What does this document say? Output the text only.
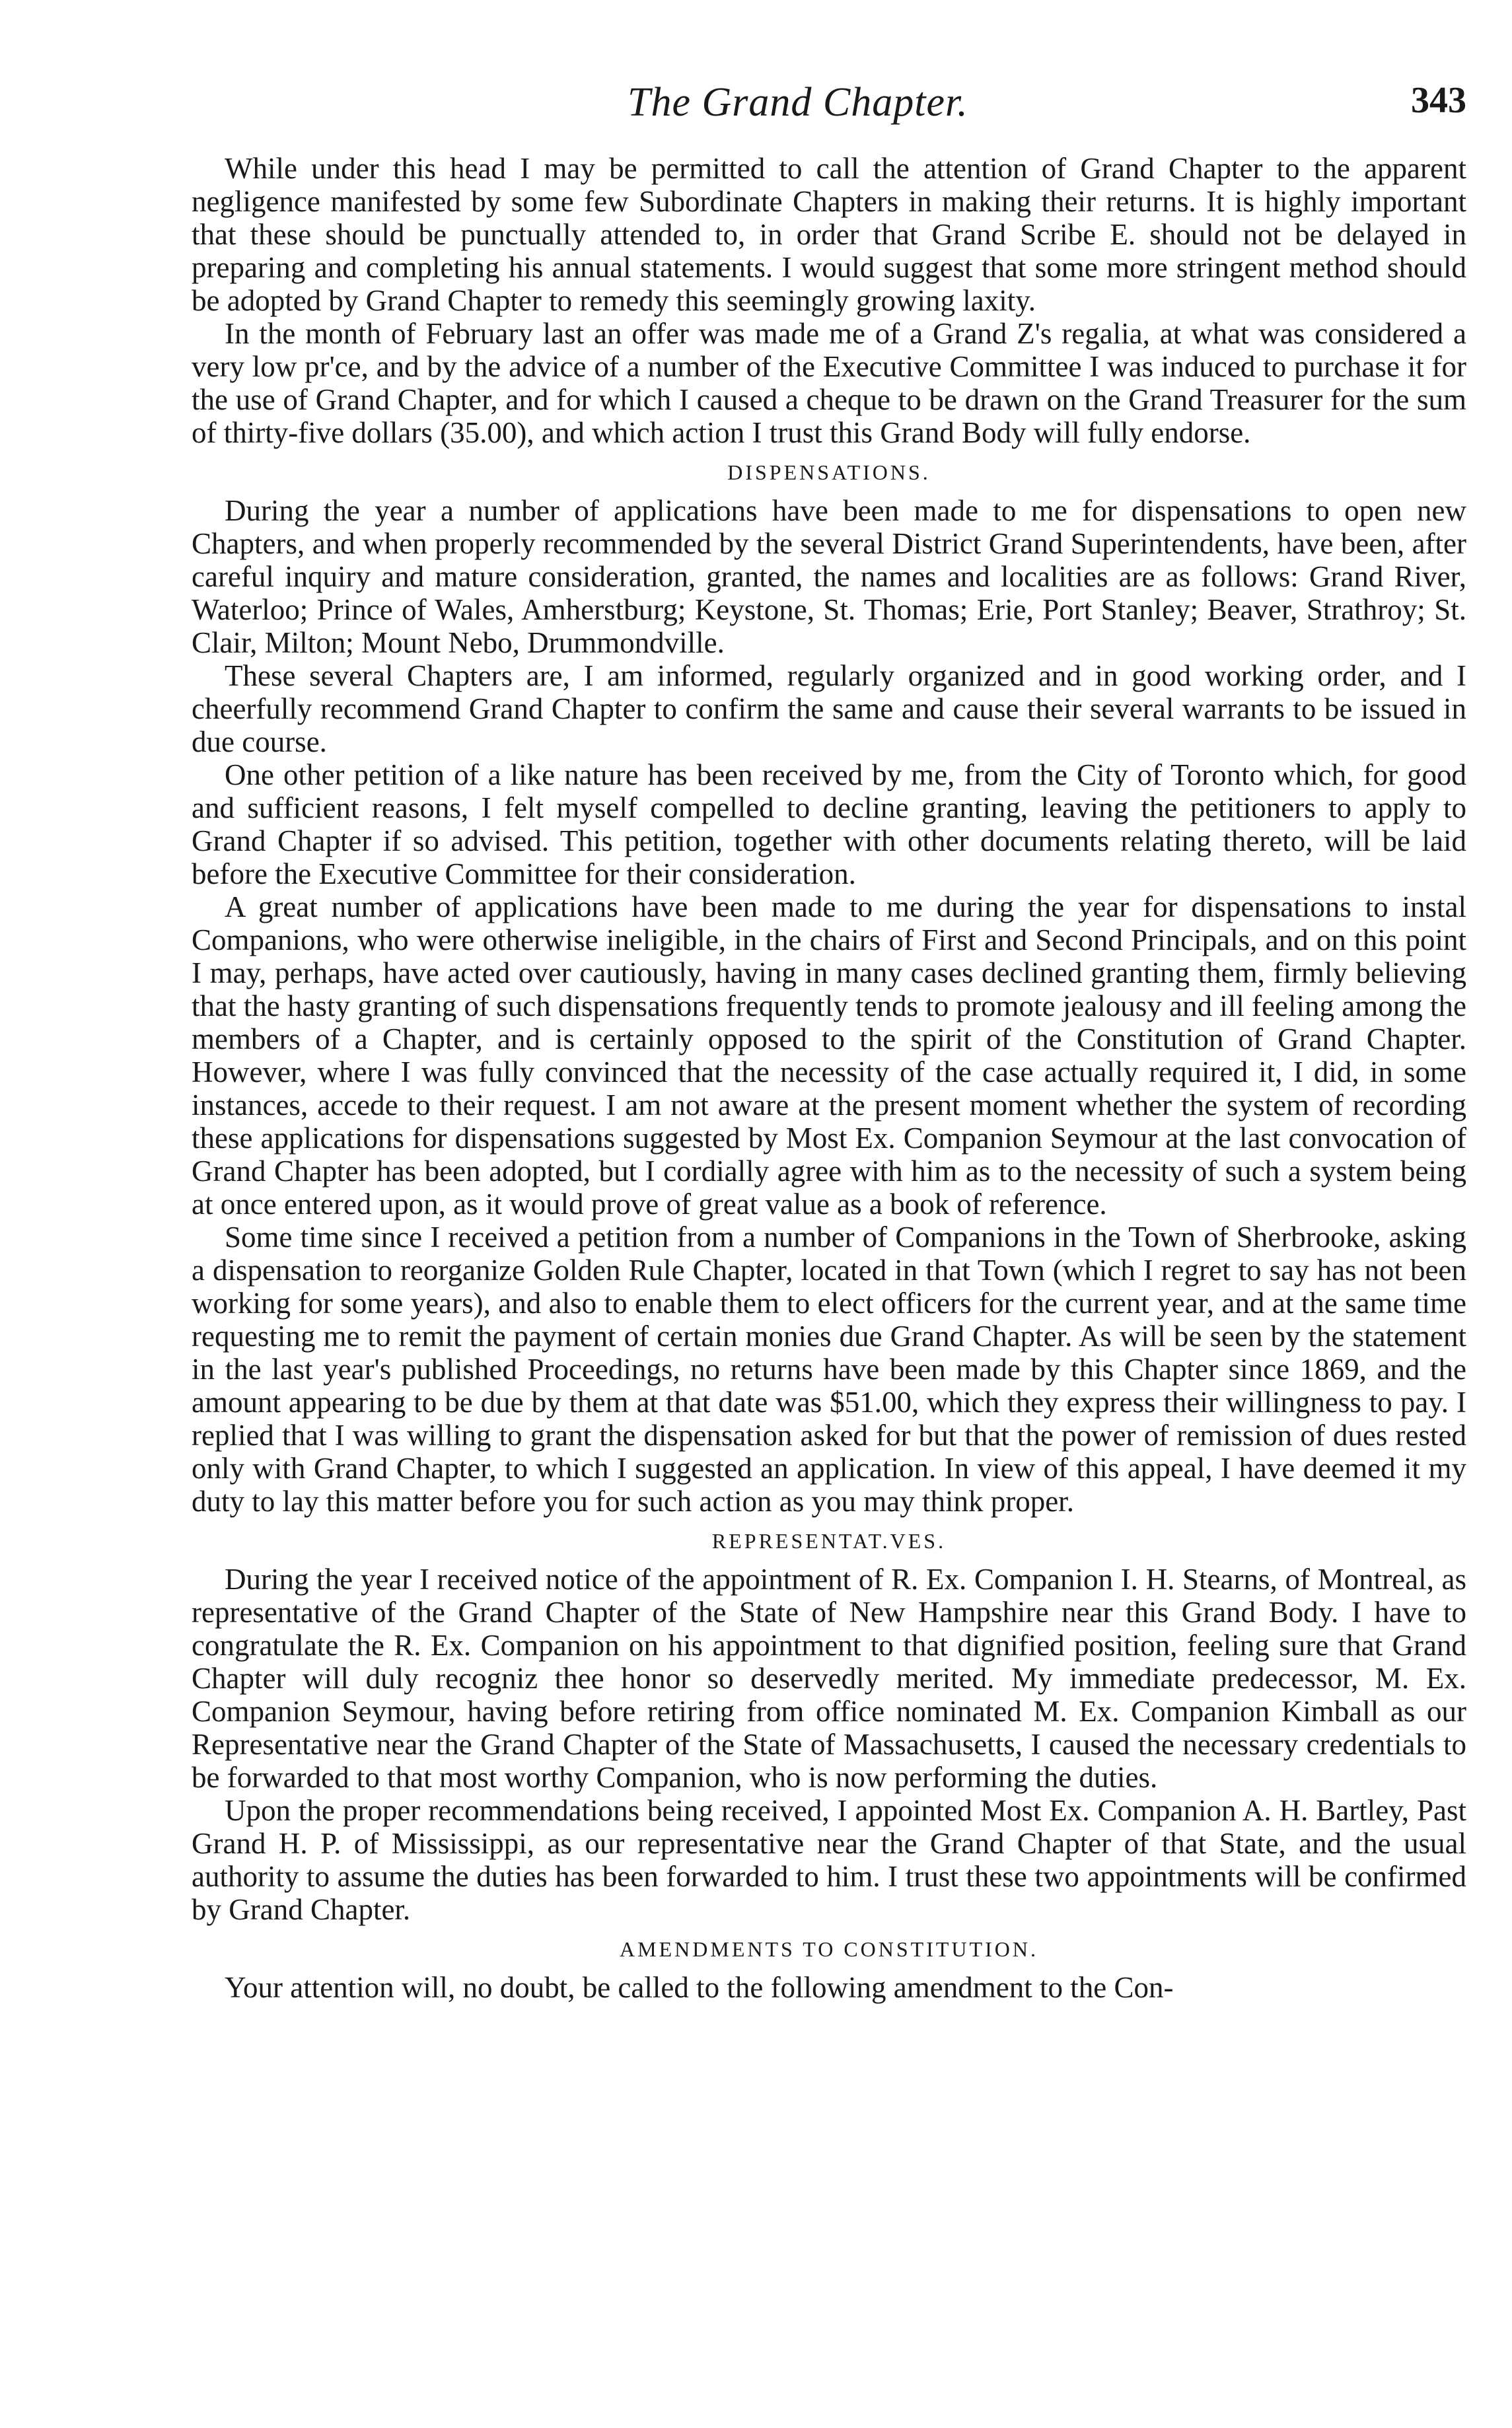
The Grand Chapter.	343

While under this head I may be permitted to call the attention of Grand Chapter to the apparent negligence manifested by some few Subordinate Chapters in making their returns. It is highly important that these should be punctually attended to, in order that Grand Scribe E. should not be delayed in preparing and completing his annual statements. I would suggest that some more stringent method should be adopted by Grand Chapter to remedy this seemingly growing laxity.

In the month of February last an offer was made me of a Grand Z's regalia, at what was considered a very low pr'ce, and by the advice of a number of the Executive Committee I was induced to purchase it for the use of Grand Chapter, and for which I caused a cheque to be drawn on the Grand Treasurer for the sum of thirty-five dollars (35.00), and which action I trust this Grand Body will fully endorse.

DISPENSATIONS.

During the year a number of applications have been made to me for dispensations to open new Chapters, and when properly recommended by the several District Grand Superintendents, have been, after careful inquiry and mature consideration, granted, the names and localities are as follows: Grand River, Waterloo; Prince of Wales, Amherstburg; Keystone, St. Thomas; Erie, Port Stanley; Beaver, Strathroy; St. Clair, Milton; Mount Nebo, Drummondville.

These several Chapters are, I am informed, regularly organized and in good working order, and I cheerfully recommend Grand Chapter to confirm the same and cause their several warrants to be issued in due course.

One other petition of a like nature has been received by me, from the City of Toronto which, for good and sufficient reasons, I felt myself compelled to decline granting, leaving the petitioners to apply to Grand Chapter if so advised. This petition, together with other documents relating thereto, will be laid before the Executive Committee for their consideration.

A great number of applications have been made to me during the year for dispensations to instal Companions, who were otherwise ineligible, in the chairs of First and Second Principals, and on this point I may, perhaps, have acted over cautiously, having in many cases declined granting them, firmly believing that the hasty granting of such dispensations frequently tends to promote jealousy and ill feeling among the members of a Chapter, and is certainly opposed to the spirit of the Constitution of Grand Chapter. However, where I was fully convinced that the necessity of the case actually required it, I did, in some instances, accede to their request. I am not aware at the present moment whether the system of recording these applications for dispensations suggested by Most Ex. Companion Seymour at the last convocation of Grand Chapter has been adopted, but I cordially agree with him as to the necessity of such a system being at once entered upon, as it would prove of great value as a book of reference.

Some time since I received a petition from a number of Companions in the Town of Sherbrooke, asking a dispensation to reorganize Golden Rule Chapter, located in that Town (which I regret to say has not been working for some years), and also to enable them to elect officers for the current year, and at the same time requesting me to remit the payment of certain monies due Grand Chapter. As will be seen by the statement in the last year's published Proceedings, no returns have been made by this Chapter since 1869, and the amount appearing to be due by them at that date was $51.00, which they express their willingness to pay. I replied that I was willing to grant the dispensation asked for but that the power of remission of dues rested only with Grand Chapter, to which I suggested an application. In view of this appeal, I have deemed it my duty to lay this matter before you for such action as you may think proper.

REPRESENTAT.VES.

During the year I received notice of the appointment of R. Ex. Companion I. H. Stearns, of Montreal, as representative of the Grand Chapter of the State of New Hampshire near this Grand Body. I have to congratulate the R. Ex. Companion on his appointment to that dignified position, feeling sure that Grand Chapter will duly recogniz thee honor so deservedly merited. My immediate predecessor, M. Ex. Companion Seymour, having before retiring from office nominated M. Ex. Companion Kimball as our Representative near the Grand Chapter of the State of Massachusetts, I caused the necessary credentials to be forwarded to that most worthy Companion, who is now performing the duties.

Upon the proper recommendations being received, I appointed Most Ex. Companion A. H. Bartley, Past Grand H. P. of Mississippi, as our representative near the Grand Chapter of that State, and the usual authority to assume the duties has been forwarded to him. I trust these two appointments will be confirmed by Grand Chapter.

AMENDMENTS TO CONSTITUTION.

Your attention will, no doubt, be called to the following amendment to the Con-
